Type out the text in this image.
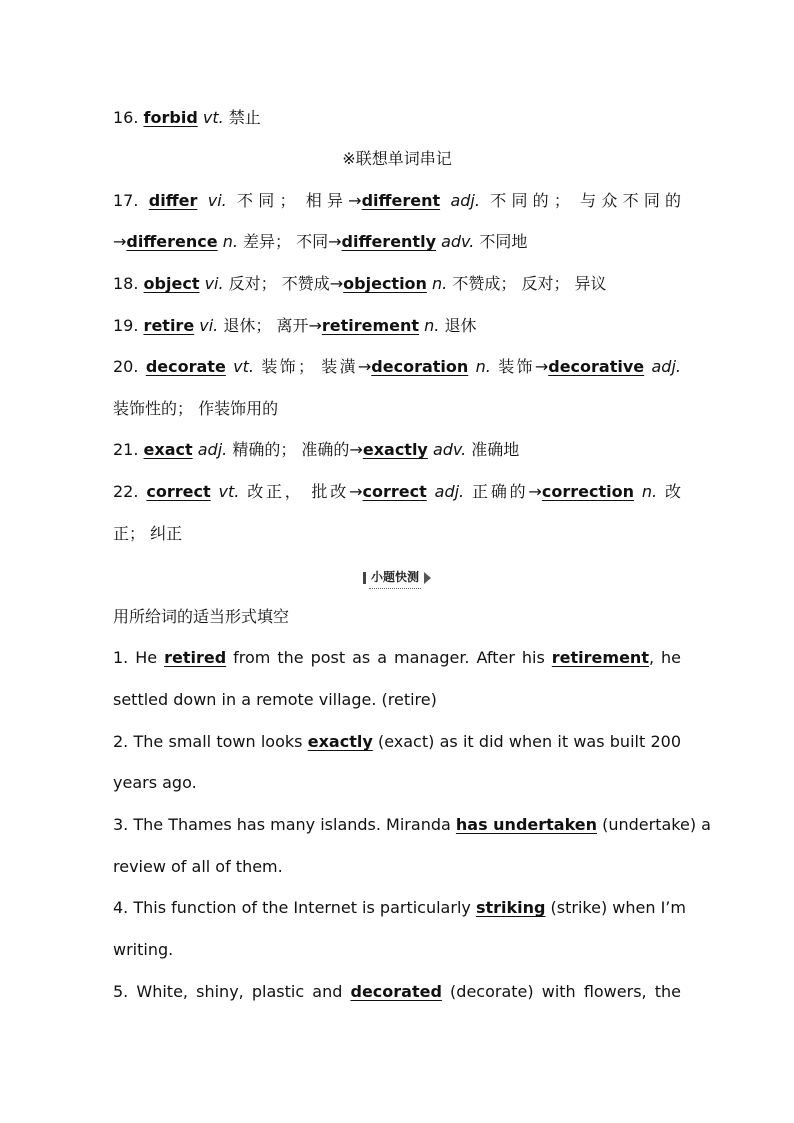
16. forbid vt. 禁止
※联想单词串记
17. differ vi. 不同； 相异→different adj. 不同的； 与众不同的
→difference n. 差异； 不同→differently adv. 不同地
18. object vi. 反对； 不赞成→objection n. 不赞成； 反对； 异议
19. retire vi. 退休； 离开→retirement n. 退休
20. decorate vt. 装饰； 装潢→decoration n. 装饰→decorative adj.
装饰性的； 作装饰用的
21. exact adj. 精确的； 准确的→exactly adv. 准确地
22. correct vt. 改正， 批改→correct adj. 正确的→correction n. 改
正； 纠正
小题快测
用所给词的适当形式填空
1. He retired from the post as a manager. After his retirement, he
settled down in a remote village. (retire)
2. The small town looks exactly (exact) as it did when it was built 200
years ago.
3. The Thames has many islands. Miranda has undertaken (undertake) a
review of all of them.
4. This function of the Internet is particularly striking (strike) when I’m
writing.
5. White, shiny, plastic and decorated (decorate) with flowers, the
